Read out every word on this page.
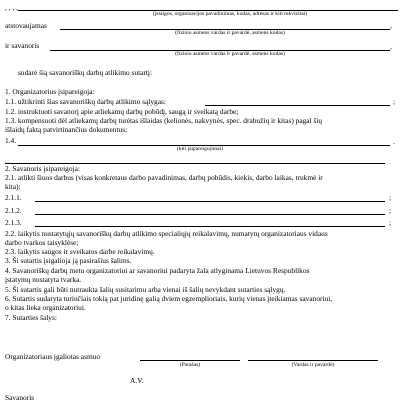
, , , ,
(įstaigos, organizacijos pavadinimas, kodas, adresas ir kiti rekvizitai)
atstovaujamas	,
(fizinio asmens vardas ir pavardė, asmens kodas)
ir savanoris	,
(fizinio asmens vardas ir pavardė, asmens kodas)
sudarė šią savanoriškų darbų atlikimo sutartį:
1. Organizatorius įsipareigoja:
1.1. užtikrinti šias savanoriškų darbų atlikimo sąlygas:	;
1.2. instruktuoti savanorį apie atliekamų darbų pobūdį, saugą ir sveikatą darbe;
1.3. kompensuoti dėl atliekamų darbų turėtas išlaidas (kelionės, nakvynės, spec. drabužių ir kitas) pagal šių
išlaidų faktą patvirtinančius dokumentus;
1.4.	.
(kiti įsipareigojimai)
2. Savanoris įsipareigoja:
2.1. atlikti šiuos darbus (visas konkretaus darbo pavadinimas, darbų pobūdis, kiekis, darbo laikas, trukmė ir
kita):
2.1.1.	;
2.1.2.	;
2.1.3.	;
2.2. laikytis nustatytųjų savanoriškų darbų atlikimo specialiųjų reikalavimų, numatytų organizatoriaus vidaus
darbo tvarkos taisyklėse;
2.3. laikytis saugos ir sveikatos darbe reikalavimų.
3. Ši sutartis įsigalioja ją pasirašius šalims.
4. Savanoriškų darbų metu organizatoriui ar savanoriui padaryta žala atlyginama Lietuvos Respublikos
įstatymų nustatyta tvarka.
5. Ši sutartis gali būti nutraukta šalių susitarimu arba vienai iš šalių nevykdant sutarties sąlygų.
6. Sutartis sudaryta turinčiais tokią pat juridinę galią dviem egzemplioriais, kurių vienas įteikiamas savanoriui,
o kitas lieka organizatoriui.
7. Sutarties šalys:
Organizatoriaus įgaliotas asmuo
(Parašas)	(Vardas ir pavardė)
A.V.
Savanoris
